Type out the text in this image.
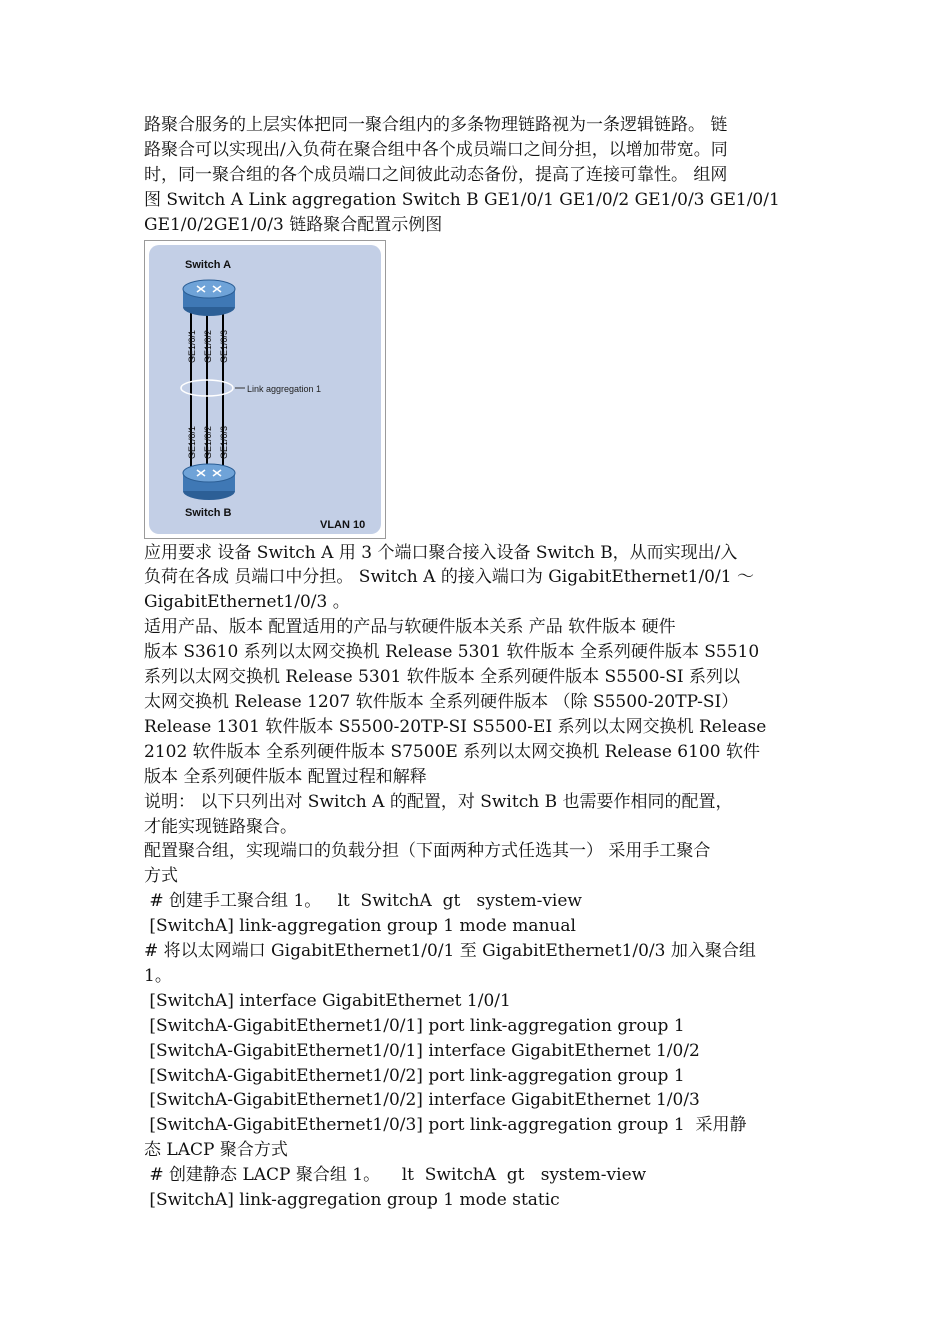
路聚合服务的上层实体把同一聚合组内的多条物理链路视为一条逻辑链路。 链

路聚合可以实现出/入负荷在聚合组中各个成员端口之间分担，以增加带宽。同

时，同一聚合组的各个成员端口之间彼此动态备份，提高了连接可靠性。 组网

图 Switch A Link aggregation Switch B GE1/0/1 GE1/0/2 GE1/0/3 GE1/0/1

GE1/0/2GE1/0/3 链路聚合配置示例图

Switch A
Switch B
Link aggregation 1
VLAN 10
GE1/0/1 GE1/0/2 GE1/0/3
GE1/0/1 GE1/0/2 GE1/0/3

应用要求 设备 Switch A 用 3 个端口聚合接入设备 Switch B，从而实现出/入

负荷在各成 员端口中分担。 Switch A 的接入端口为 GigabitEthernet1/0/1 ～

GigabitEthernet1/0/3 。

适用产品、版本 配置适用的产品与软硬件版本关系 产品 软件版本 硬件

版本 S3610 系列以太网交换机 Release 5301 软件版本 全系列硬件版本 S5510

系列以太网交换机 Release 5301 软件版本 全系列硬件版本 S5500-SI 系列以

太网交换机 Release 1207 软件版本 全系列硬件版本 （除 S5500-20TP-SI）

Release 1301 软件版本 S5500-20TP-SI S5500-EI 系列以太网交换机 Release

2102 软件版本 全系列硬件版本 S7500E 系列以太网交换机 Release 6100 软件

版本 全系列硬件版本 配置过程和解释

说明： 以下只列出对 Switch A 的配置，对 Switch B 也需要作相同的配置，

才能实现链路聚合。

配置聚合组，实现端口的负载分担（下面两种方式任选其一） 采用手工聚合

方式

# 创建手工聚合组 1。   lt  SwitchA  gt   system-view

[SwitchA] link-aggregation group 1 mode manual

# 将以太网端口 GigabitEthernet1/0/1 至 GigabitEthernet1/0/3 加入聚合组

1。

[SwitchA] interface GigabitEthernet 1/0/1

[SwitchA-GigabitEthernet1/0/1] port link-aggregation group 1

[SwitchA-GigabitEthernet1/0/1] interface GigabitEthernet 1/0/2

[SwitchA-GigabitEthernet1/0/2] port link-aggregation group 1

[SwitchA-GigabitEthernet1/0/2] interface GigabitEthernet 1/0/3

[SwitchA-GigabitEthernet1/0/3] port link-aggregation group 1  采用静

态 LACP 聚合方式

# 创建静态 LACP 聚合组 1。    lt  SwitchA  gt   system-view

[SwitchA] link-aggregation group 1 mode static
